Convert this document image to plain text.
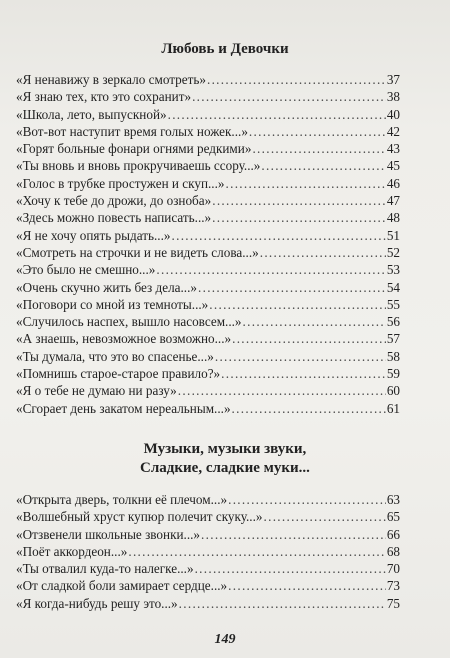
Любовь и Девочки
«Я ненавижу в зеркало смотреть» . . .	37
«Я знаю тех, кто это сохранит» . . .	38
«Школа, лето, выпускной» . . .	40
«Вот-вот наступит время голых ножек...» . . .	42
«Горят больные фонари огнями редкими» . . .	43
«Ты вновь и вновь прокручиваешь ссору...» . . .	45
«Голос в трубке простужен и скуп...» . . .	46
«Хочу к тебе до дрожи, до озноба» . . .	47
«Здесь можно повесть написать...» . . .	48
«Я не хочу опять рыдать...» . . .	51
«Смотреть на строчки и не видеть слова...» . . .	52
«Это было не смешно...» . . .	53
«Очень скучно жить без дела...» . . .	54
«Поговори со мной из темноты...» . . .	55
«Случилось наспех, вышло насовсем...» . . .	56
«А знаешь, невозможное возможно...» . . .	57
«Ты думала, что это во спасенье...» . . .	58
«Помнишь старое-старое правило?» . . .	59
«Я о тебе не думаю ни разу» . . .	60
«Сгорает день закатом нереальным...» . . .	61
Музыки, музыки звуки,
Сладкие, сладкие муки...
«Открыта дверь, толкни её плечом...» . . .	63
«Волшебный хруст купюр полечит скуку...» . . .	65
«Отзвенели школьные звонки...» . . .	66
«Поёт аккордеон...» . . .	68
«Ты отвалил куда-то налегке...» . . .	70
«От сладкой боли замирает сердце...» . . .	73
«Я когда-нибудь решу это...» . . .	75
149
